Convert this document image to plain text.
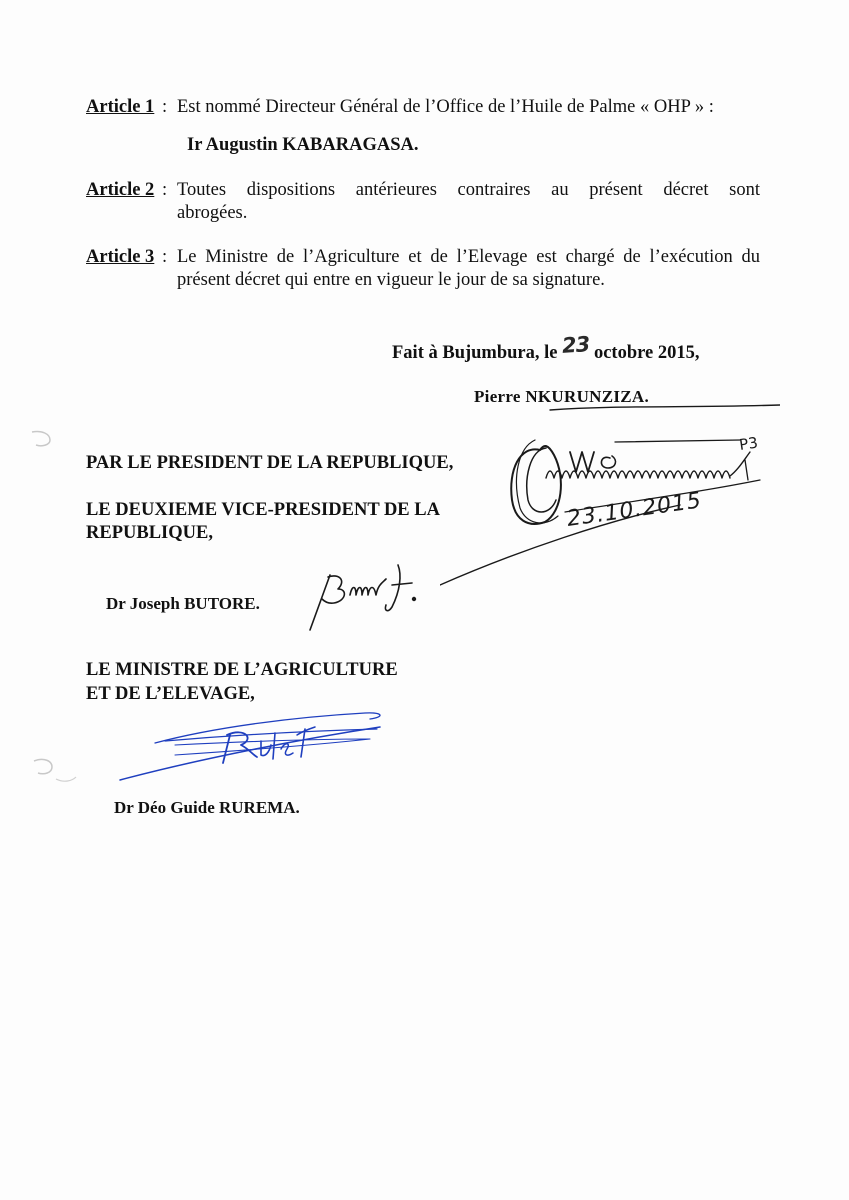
Article 1 : Est nommé Directeur Général de l’Office de l’Huile de Palme « OHP » :
Ir Augustin KABARAGASA.
Article 2 : Toutes dispositions antérieures contraires au présent décret sont
abrogées.
Article 3 : Le Ministre de l’Agriculture et de l’Elevage est chargé de l’exécution du
présent décret qui entre en vigueur le jour de sa signature.
Fait à Bujumbura, le 23 octobre 2015,
Pierre NKURUNZIZA.
P3
23.10.2015
PAR LE PRESIDENT DE LA REPUBLIQUE,
LE DEUXIEME VICE-PRESIDENT DE LA
REPUBLIQUE,
Dr Joseph BUTORE.
LE MINISTRE DE L’AGRICULTURE
ET DE L’ELEVAGE,
Dr Déo Guide RUREMA.
